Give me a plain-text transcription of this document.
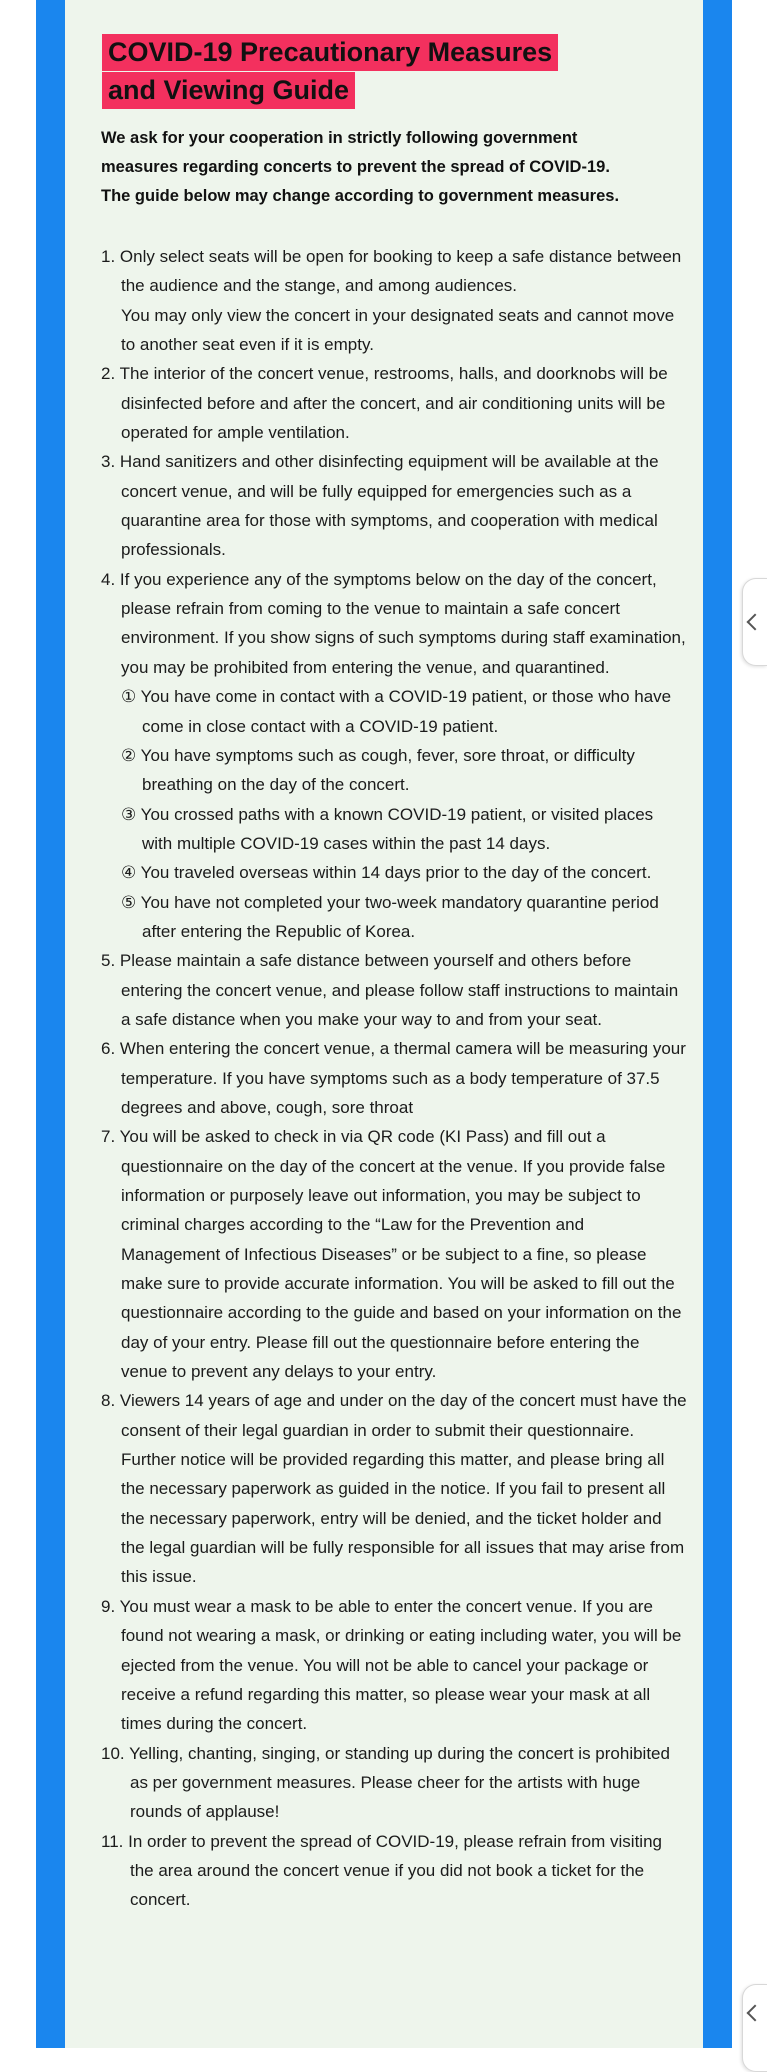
COVID-19 Precautionary Measures
and Viewing Guide

We ask for your cooperation in strictly following government
measures regarding concerts to prevent the spread of COVID-19.
The guide below may change according to government measures.

1. Only select seats will be open for booking to keep a safe distance between the audience and the stange, and among audiences.
You may only view the concert in your designated seats and cannot move to another seat even if it is empty.
2. The interior of the concert venue, restrooms, halls, and doorknobs will be disinfected before and after the concert, and air conditioning units will be operated for ample ventilation.
3. Hand sanitizers and other disinfecting equipment will be available at the concert venue, and will be fully equipped for emergencies such as a quarantine area for those with symptoms, and cooperation with medical professionals.
4. If you experience any of the symptoms below on the day of the concert, please refrain from coming to the venue to maintain a safe concert environment. If you show signs of such symptoms during staff examination, you may be prohibited from entering the venue, and quarantined.
① You have come in contact with a COVID-19 patient, or those who have come in close contact with a COVID-19 patient.
② You have symptoms such as cough, fever, sore throat, or difficulty breathing on the day of the concert.
③ You crossed paths with a known COVID-19 patient, or visited places with multiple COVID-19 cases within the past 14 days.
④ You traveled overseas within 14 days prior to the day of the concert.
⑤ You have not completed your two-week mandatory quarantine period after entering the Republic of Korea.
5. Please maintain a safe distance between yourself and others before entering the concert venue, and please follow staff instructions to maintain a safe distance when you make your way to and from your seat.
6. When entering the concert venue, a thermal camera will be measuring your temperature. If you have symptoms such as a body temperature of 37.5 degrees and above, cough, sore throat
7. You will be asked to check in via QR code (KI Pass) and fill out a questionnaire on the day of the concert at the venue. If you provide false information or purposely leave out information, you may be subject to criminal charges according to the “Law for the Prevention and Management of Infectious Diseases” or be subject to a fine, so please make sure to provide accurate information. You will be asked to fill out the questionnaire according to the guide and based on your information on the day of your entry. Please fill out the questionnaire before entering the venue to prevent any delays to your entry.
8. Viewers 14 years of age and under on the day of the concert must have the consent of their legal guardian in order to submit their questionnaire. Further notice will be provided regarding this matter, and please bring all the necessary paperwork as guided in the notice. If you fail to present all the necessary paperwork, entry will be denied, and the ticket holder and the legal guardian will be fully responsible for all issues that may arise from this issue.
9. You must wear a mask to be able to enter the concert venue. If you are found not wearing a mask, or drinking or eating including water, you will be ejected from the venue. You will not be able to cancel your package or receive a refund regarding this matter, so please wear your mask at all times during the concert.
10. Yelling, chanting, singing, or standing up during the concert is prohibited as per government measures. Please cheer for the artists with huge rounds of applause!
11. In order to prevent the spread of COVID-19, please refrain from visiting the area around the concert venue if you did not book a ticket for the concert.
